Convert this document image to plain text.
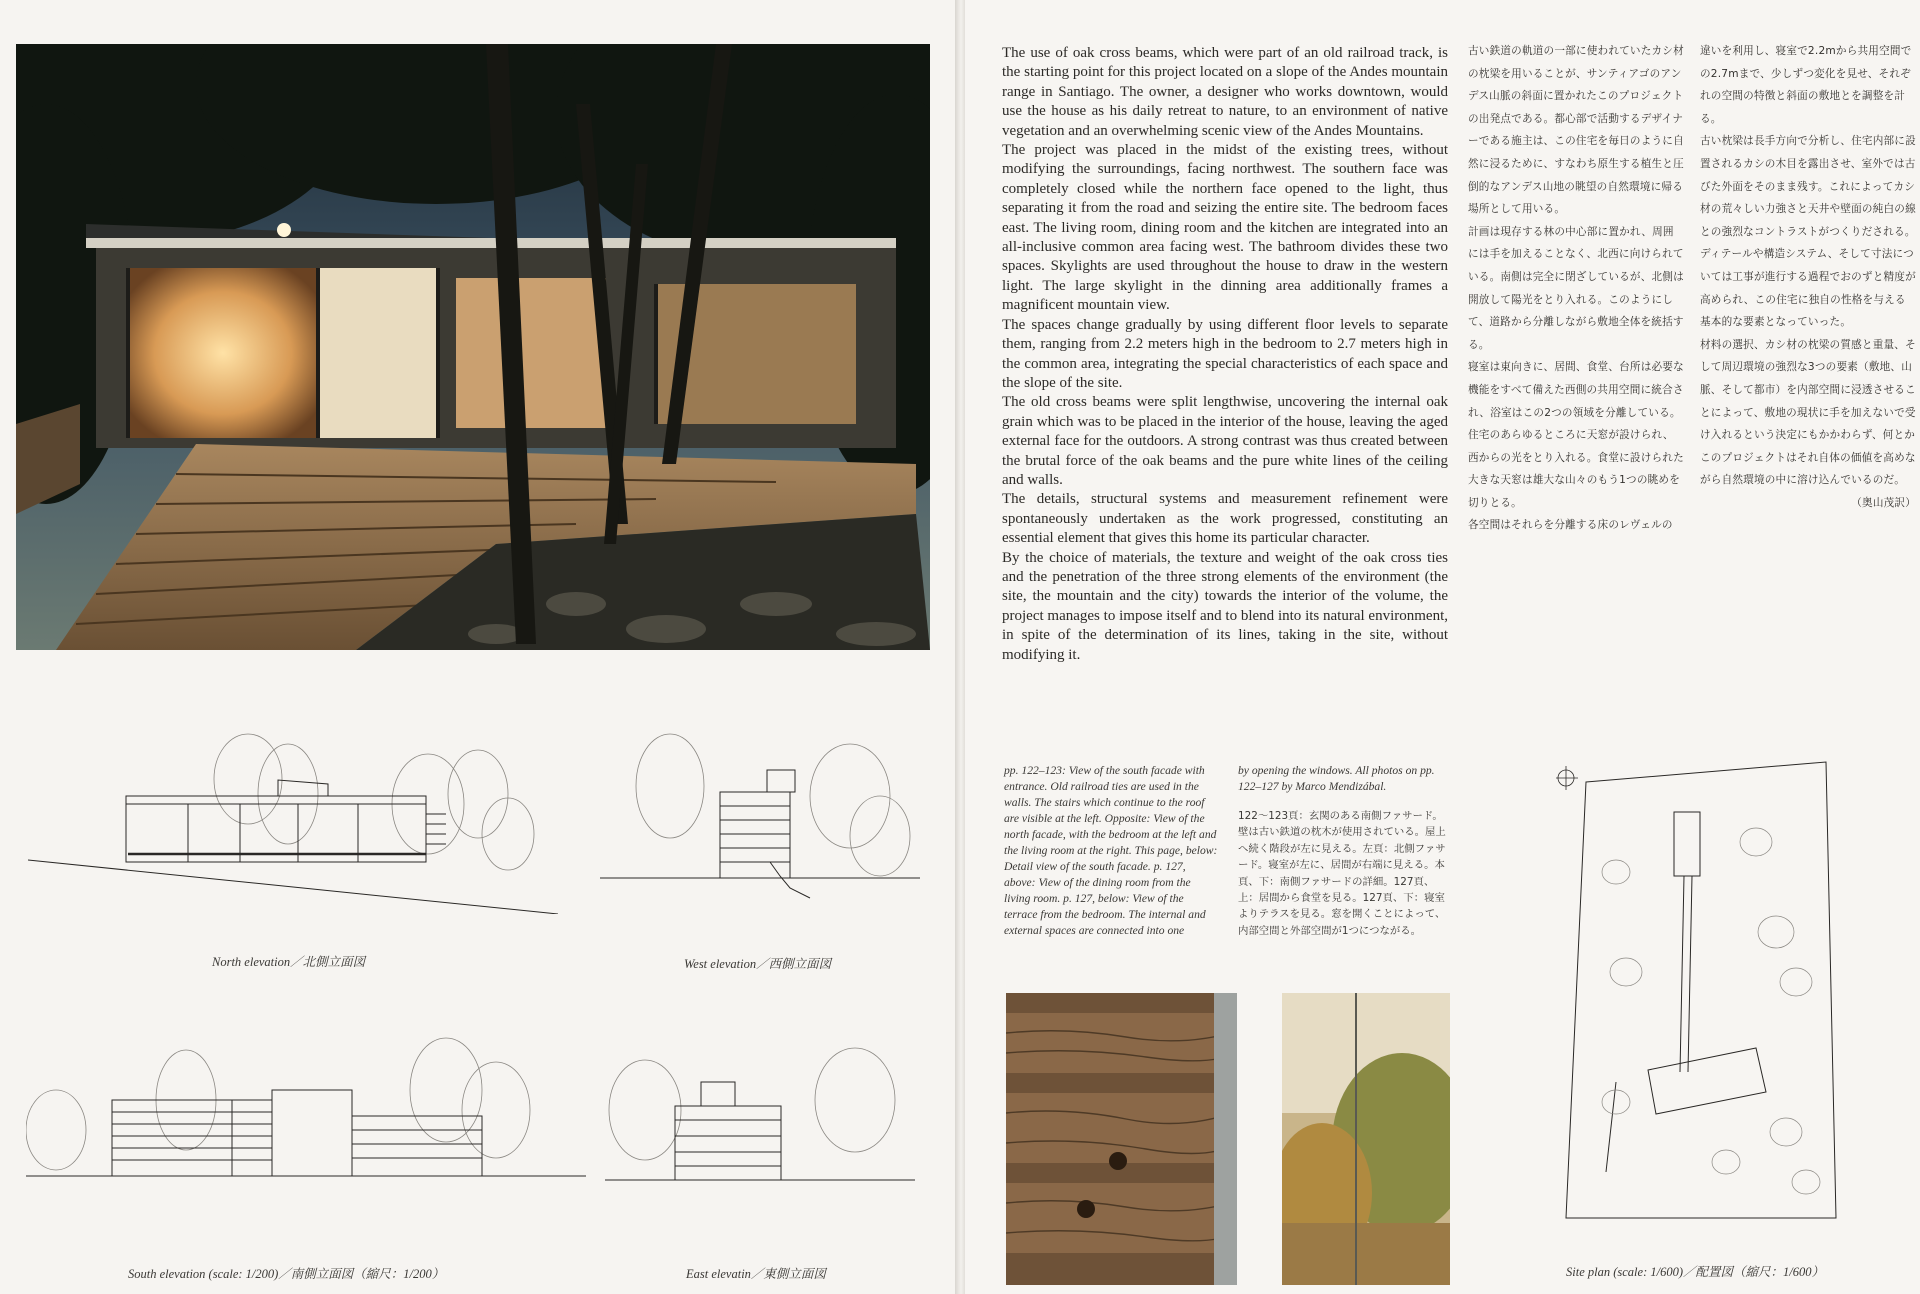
North elevation／北側立面図	West elevation／西側立面図
South elevation (scale: 1/200)／南側立面図（縮尺：1/200）	East elevatin／東側立面図

The use of oak cross beams, which were part of an old railroad track, is the starting point for this project located on a slope of the Andes mountain range in Santiago. The owner, a designer who works downtown, would use the house as his daily retreat to nature, to an environment of native vegetation and an overwhelming scenic view of the Andes Mountains.

The project was placed in the midst of the existing trees, without modifying the surroundings, facing northwest. The southern face was completely closed while the northern face opened to the light, thus separating it from the road and seizing the entire site. The bedroom faces east. The living room, dining room and the kitchen are integrated into an all-inclusive common area facing west. The bathroom divides these two spaces. Skylights are used throughout the house to draw in the western light. The large skylight in the dinning area additionally frames a magnificent mountain view.

The spaces change gradually by using different floor levels to separate them, ranging from 2.2 meters high in the bedroom to 2.7 meters high in the common area, integrating the special characteristics of each space and the slope of the site.

The old cross beams were split lengthwise, uncovering the internal oak grain which was to be placed in the interior of the house, leaving the aged external face for the outdoors. A strong contrast was thus created between the brutal force of the oak beams and the pure white lines of the ceiling and walls.

The details, structural systems and measurement refinement were spontaneously undertaken as the work progressed, constituting an essential element that gives this home its particular character.

By the choice of materials, the texture and weight of the oak cross ties and the penetration of the three strong elements of the environment (the site, the mountain and the city) towards the interior of the volume, the project manages to impose itself and to blend into its natural environment, in spite of the determination of its lines, taking in the site, without modifying it.

古い鉄道の軌道の一部に使われていたカシ材の枕梁を用いることが、サンティアゴのアンデス山脈の斜面に置かれたこのプロジェクトの出発点である。都心部で活動するデザイナーである施主は、この住宅を毎日のように自然に浸るために、すなわち原生する植生と圧倒的なアンデス山地の眺望の自然環境に帰る場所として用いる。

計画は現存する林の中心部に置かれ、周囲には手を加えることなく、北西に向けられている。南側は完全に閉ざしているが、北側は開放して陽光をとり入れる。このようにして、道路から分離しながら敷地全体を統括する。

寝室は東向きに、居間、食堂、台所は必要な機能をすべて備えた西側の共用空間に統合され、浴室はこの2つの領域を分離している。住宅のあらゆるところに天窓が設けられ、西からの光をとり入れる。食堂に設けられた大きな天窓は雄大な山々のもう1つの眺めを切りとる。

各空間はそれらを分離する床のレヴェルの

違いを利用し、寝室で2.2mから共用空間での2.7mまで、少しずつ変化を見せ、それぞれの空間の特徴と斜面の敷地とを調整を計る。

古い枕梁は長手方向で分析し、住宅内部に設置されるカシの木目を露出させ、室外では古びた外面をそのまま残す。これによってカシ材の荒々しい力強さと天井や壁面の純白の線との強烈なコントラストがつくりだされる。

ディテールや構造システム、そして寸法については工事が進行する過程でおのずと精度が高められ、この住宅に独自の性格を与える基本的な要素となっていった。

材料の選択、カシ材の枕梁の質感と重量、そして周辺環境の強烈な3つの要素（敷地、山脈、そして都市）を内部空間に浸透させることによって、敷地の現状に手を加えないで受け入れるという決定にもかかわらず、何とかこのプロジェクトはそれ自体の価値を高めながら自然環境の中に溶け込んでいるのだ。

（奥山茂訳）

pp. 122–123: View of the south facade with entrance. Old railroad ties are used in the walls. The stairs which continue to the roof are visible at the left. Opposite: View of the north facade, with the bedroom at the left and the living room at the right. This page, below: Detail view of the south facade. p. 127, above: View of the dining room from the living room. p. 127, below: View of the terrace from the bedroom. The internal and external spaces are connected into one
by opening the windows. All photos on pp. 122–127 by Marco Mendizábal.
122～123頁：玄関のある南側ファサード。壁は古い鉄道の枕木が使用されている。屋上へ続く階段が左に見える。左頁：北側ファサード。寝室が左に、居間が右端に見える。本頁、下：南側ファサードの詳細。127頁、上：居間から食堂を見る。127頁、下：寝室よりテラスを見る。窓を開くことによって、内部空間と外部空間が1つにつながる。
Site plan (scale: 1/600)／配置図（縮尺：1/600）
